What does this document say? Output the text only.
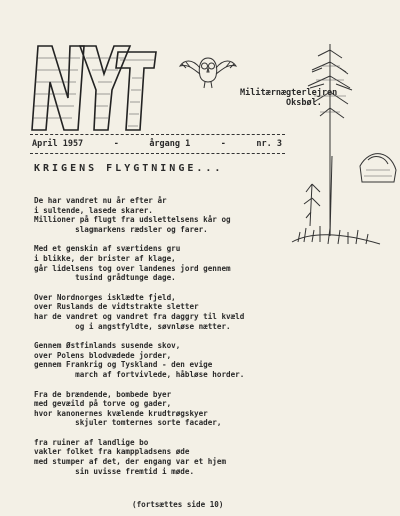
Militærnægterlejren
Oksbøl.
April 1957	-	årgang 1	-	nr. 3
KRIGENS FLYGTNINGE...
De har vandret nu år efter år
i sultende, lasede skarer.
Millioner på flugt fra udslettelsens kår og
slagmarkens rædsler og farer.
Med et genskin af sværtidens gru
i blikke, der brister af klage,
går lidelsens tog over landenes jord gennem
tusind grådtunge dage.
Over Nordnorges isklædte fjeld,
over Ruslands de vidtstrakte sletter
har de vandret og vandret fra daggry til kvæld
og i angstfyldte, søvnløse nætter.
Gennem Østfinlands susende skov,
over Polens blodvædede jorder,
gennem Frankrig og Tyskland - den evige
march af fortvivlede, håbløse horder.
Fra de brændende, bombede byer
med gevæild på torve og gader,
hvor kanonernes kvælende krudtrøgskyer
skjuler tomternes sorte facader,
fra ruiner af landlige bo
vakler folket fra kamppladsens øde
med stumper af det, der engang var et hjem
sin uvisse fremtid i møde.
(fortsættes side 10)
